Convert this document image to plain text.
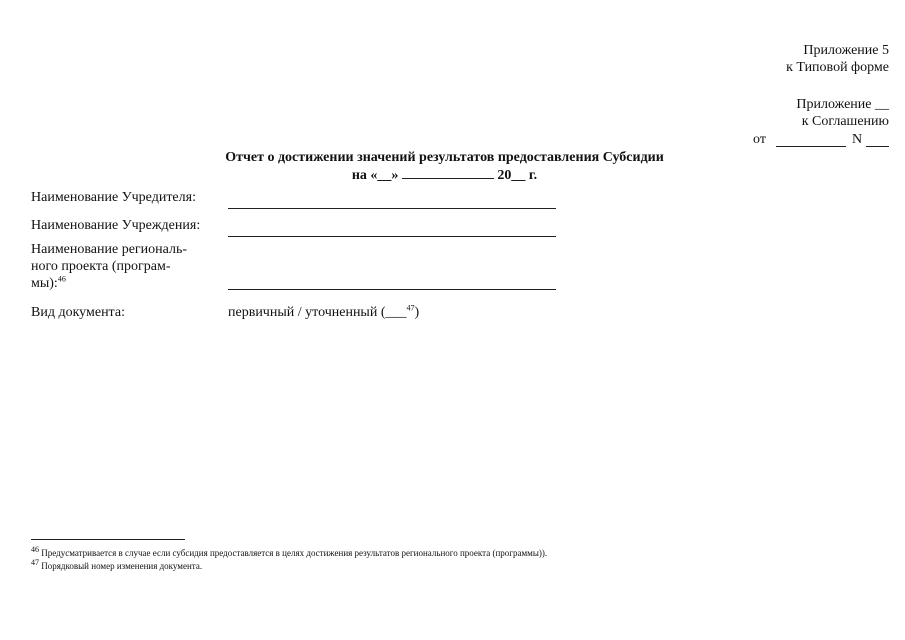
Приложение 5
к Типовой форме
Приложение __
к Соглашению
от	N
Отчет о достижении значений результатов предоставления Субсидии
на «__»	20__ г.
Наименование Учредителя:
Наименование Учреждения:
Наименование региональ-
ного проекта (програм-
мы):$^{46}$
Вид документа:	первичный / уточненный (___$^{47}$)
$^{46}$ Предусматривается в случае если субсидия предоставляется в целях достижения результатов регионального проекта (программы)).
$^{47}$ Порядковый номер изменения документа.
